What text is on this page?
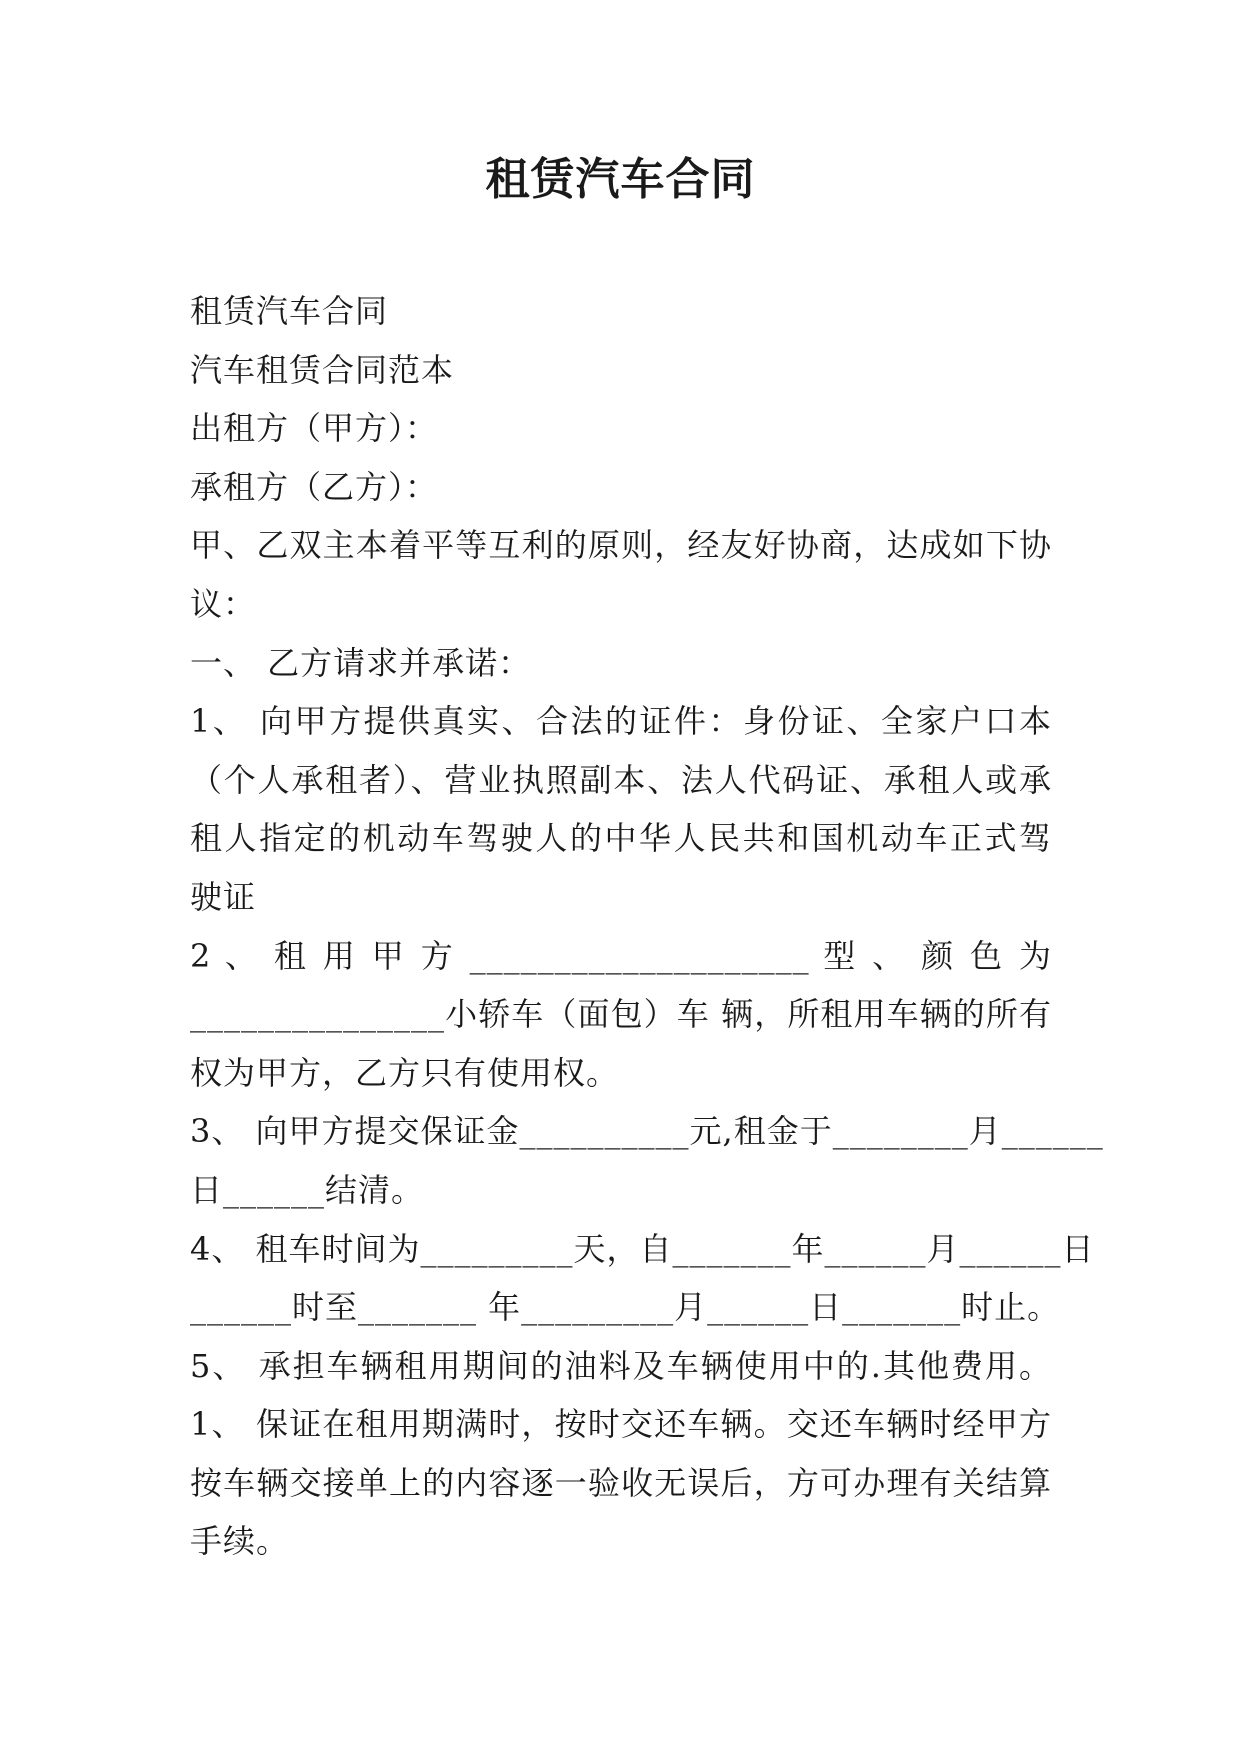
租赁汽车合同
租赁汽车合同
汽车租赁合同范本
出租方（甲方）：
承租方（乙方）：
甲、乙双主本着平等互利的原则，经友好协商，达成如下协
议：
一、 乙方请求并承诺：
1、 向甲方提供真实、合法的证件：身份证、全家户口本
（个人承租者）、营业执照副本、法人代码证、承租人或承
租人指定的机动车驾驶人的中华人民共和国机动车正式驾
驶证
2 、 租 用 甲 方 ____________________ 型 、 颜 色 为
_______________小轿车（面包）车 辆，所租用车辆的所有
权为甲方，乙方只有使用权。
3、 向甲方提交保证金__________元,租金于________月______
日______结清。
4、 租车时间为_________天，自_______年______月______日
______时至_______ 年_________月______日_______时止。
5、 承担车辆租用期间的油料及车辆使用中的.其他费用。
1、 保证在租用期满时，按时交还车辆。交还车辆时经甲方
按车辆交接单上的内容逐一验收无误后，方可办理有关结算
手续。
